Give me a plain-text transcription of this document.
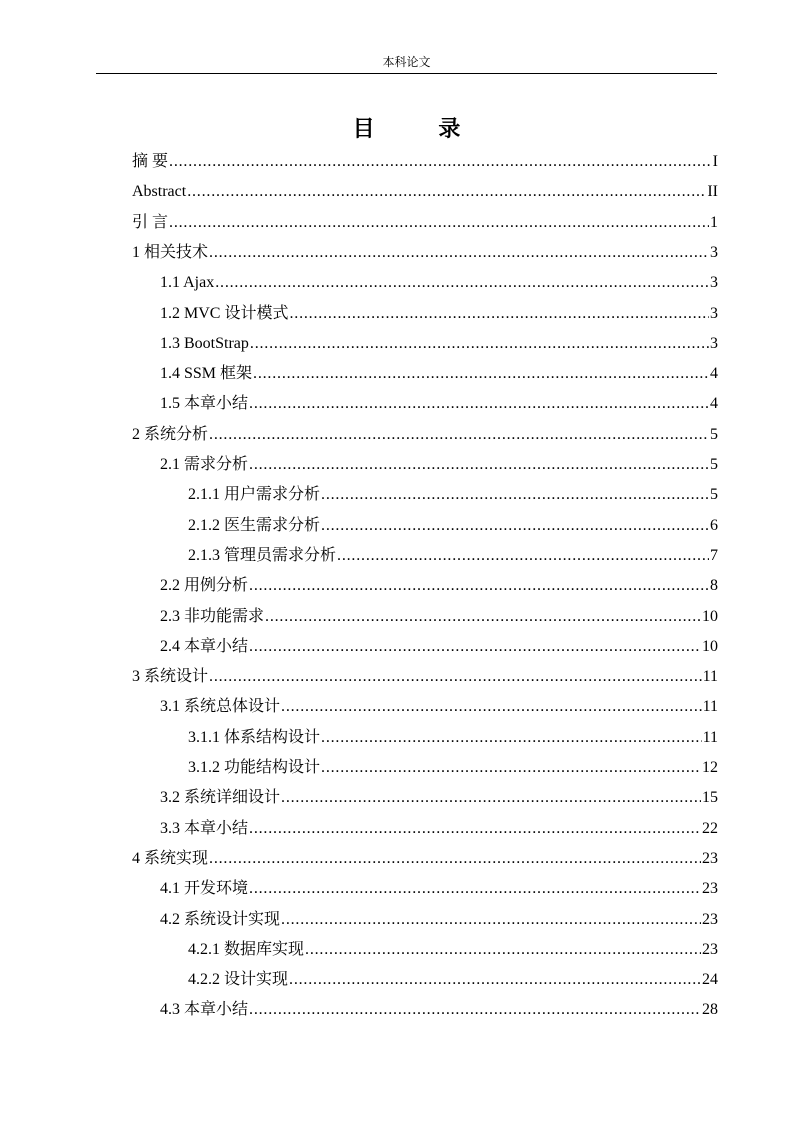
本科论文
目 录
摘 要 . . .	I
Abstract . . .	II
引 言 . . .	1
1 相关技术 . . .	3
1.1 Ajax . . .	3
1.2 MVC 设计模式 . . .	3
1.3 BootStrap . . .	3
1.4 SSM 框架 . . .	4
1.5 本章小结 . . .	4
2 系统分析 . . .	5
2.1 需求分析 . . .	5
2.1.1 用户需求分析 . . .	5
2.1.2 医生需求分析 . . .	6
2.1.3 管理员需求分析 . . .	7
2.2 用例分析 . . .	8
2.3 非功能需求 . . .	10
2.4 本章小结 . . .	10
3 系统设计 . . .	11
3.1 系统总体设计 . . .	11
3.1.1 体系结构设计 . . .	11
3.1.2 功能结构设计 . . .	12
3.2 系统详细设计 . . .	15
3.3 本章小结 . . .	22
4 系统实现 . . .	23
4.1 开发环境 . . .	23
4.2 系统设计实现 . . .	23
4.2.1 数据库实现 . . .	23
4.2.2 设计实现 . . .	24
4.3 本章小结 . . .	28
